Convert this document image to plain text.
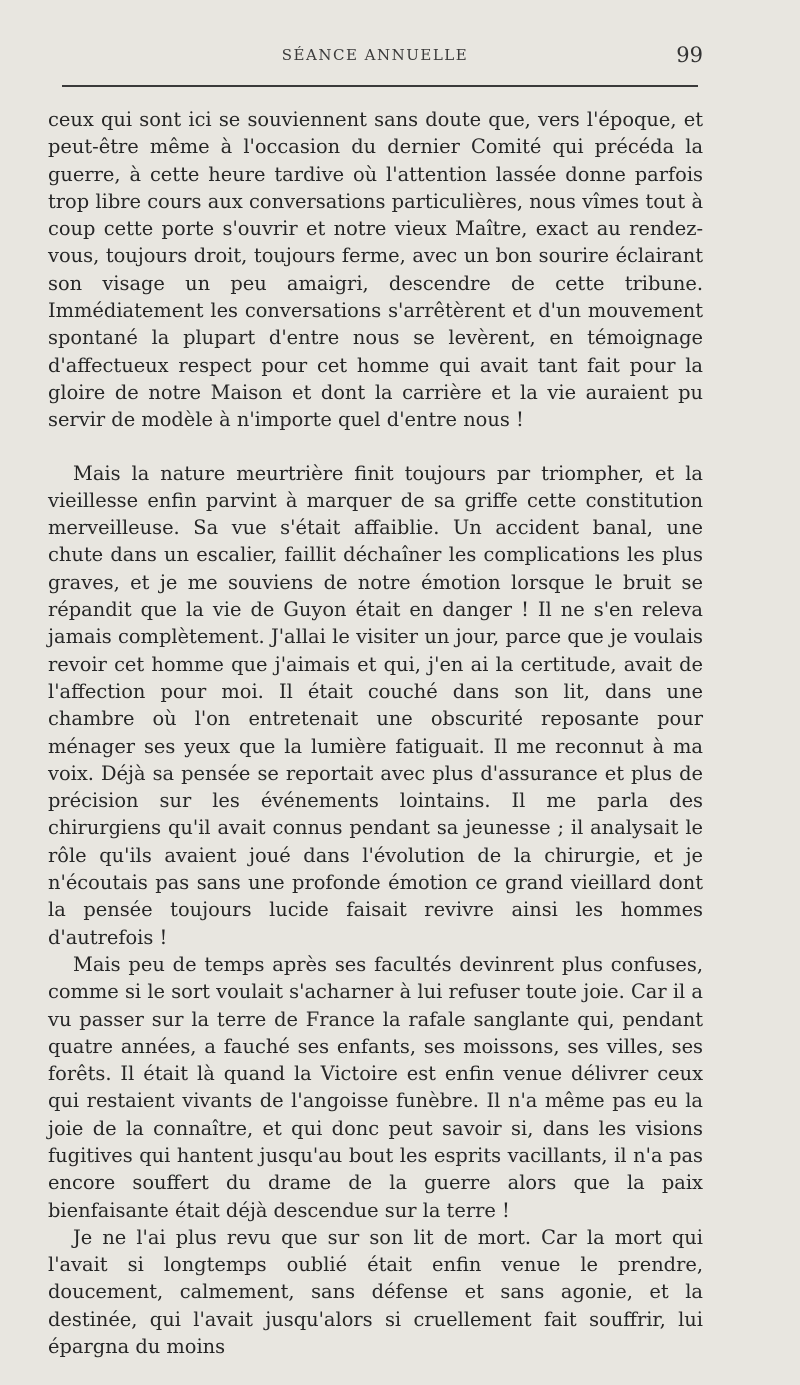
SÉANCE ANNUELLE	99

ceux qui sont ici se souviennent sans doute que, vers l'époque, et peut-être même à l'occasion du dernier Comité qui précéda la guerre, à cette heure tardive où l'attention lassée donne parfois trop libre cours aux conversations particulières, nous vîmes tout à coup cette porte s'ouvrir et notre vieux Maître, exact au rendez-vous, toujours droit, toujours ferme, avec un bon sourire éclairant son visage un peu amaigri, descendre de cette tribune. Immédiatement les conversations s'arrêtèrent et d'un mouvement spontané la plupart d'entre nous se levèrent, en témoignage d'affectueux respect pour cet homme qui avait tant fait pour la gloire de notre Maison et dont la carrière et la vie auraient pu servir de modèle à n'importe quel d'entre nous !

Mais la nature meurtrière finit toujours par triompher, et la vieillesse enfin parvint à marquer de sa griffe cette constitution merveilleuse. Sa vue s'était affaiblie. Un accident banal, une chute dans un escalier, faillit déchaîner les complications les plus graves, et je me souviens de notre émotion lorsque le bruit se répandit que la vie de Guyon était en danger ! Il ne s'en releva jamais complètement. J'allai le visiter un jour, parce que je voulais revoir cet homme que j'aimais et qui, j'en ai la certitude, avait de l'affection pour moi. Il était couché dans son lit, dans une chambre où l'on entretenait une obscurité reposante pour ménager ses yeux que la lumière fatiguait. Il me reconnut à ma voix. Déjà sa pensée se reportait avec plus d'assurance et plus de précision sur les événements lointains. Il me parla des chirurgiens qu'il avait connus pendant sa jeunesse ; il analysait le rôle qu'ils avaient joué dans l'évolution de la chirurgie, et je n'écoutais pas sans une profonde émotion ce grand vieillard dont la pensée toujours lucide faisait revivre ainsi les hommes d'autrefois !

Mais peu de temps après ses facultés devinrent plus confuses, comme si le sort voulait s'acharner à lui refuser toute joie. Car il a vu passer sur la terre de France la rafale sanglante qui, pendant quatre années, a fauché ses enfants, ses moissons, ses villes, ses forêts. Il était là quand la Victoire est enfin venue délivrer ceux qui restaient vivants de l'angoisse funèbre. Il n'a même pas eu la joie de la connaître, et qui donc peut savoir si, dans les visions fugitives qui hantent jusqu'au bout les esprits vacillants, il n'a pas encore souffert du drame de la guerre alors que la paix bienfaisante était déjà descendue sur la terre !

Je ne l'ai plus revu que sur son lit de mort. Car la mort qui l'avait si longtemps oublié était enfin venue le prendre, doucement, calmement, sans défense et sans agonie, et la destinée, qui l'avait jusqu'alors si cruellement fait souffrir, lui épargna du moins
